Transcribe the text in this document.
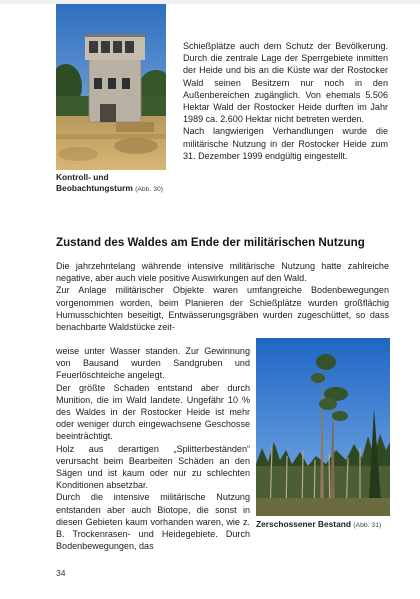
Kontroll- und Beobachtungsturm (Abb. 30)

Schießplätze auch dem Schutz der Bevölkerung. Durch die zentrale Lage der Sperrgebiete inmitten der Heide und bis an die Küste war der Rostocker Wald seinen Besitzern nur noch in den Außenbereichen zugänglich. Von ehemals 5.506 Hektar Wald der Rostocker Heide durften im Jahr 1989 ca. 2.600 Hektar nicht betreten werden.

Nach langwierigen Verhandlungen wurde die militärische Nutzung in der Rostocker Heide zum 31. Dezember 1999 endgültig eingestellt.

Zustand des Waldes am Ende der militärischen Nutzung

Die jahrzehntelang währende intensive militärische Nutzung hatte zahlreiche negative, aber auch viele positive Auswirkungen auf den Wald.

Zur Anlage militärischer Objekte waren umfangreiche Bodenbewegungen vorgenommen worden, beim Planieren der Schießplätze wurden großflächig Humusschichten beseitigt, Entwässerungsgräben wurden zugeschüttet, so dass benachbarte Waldstücke zeit-

weise unter Wasser standen. Zur Gewinnung von Bausand wurden Sandgruben und Feuerlöschteiche angelegt.

Der größte Schaden entstand aber durch Munition, die im Wald landete. Ungefähr 10 % des Waldes in der Rostocker Heide ist mehr oder weniger durch eingewachsene Geschosse beeinträchtigt.

Holz aus derartigen „Splitterbeständen“ verursacht beim Bearbeiten Schäden an den Sägen und ist kaum oder nur zu schlechten Konditionen absetzbar.

Durch die intensive militärische Nutzung entstanden aber auch Biotope, die sonst in diesen Gebieten kaum vorhanden waren, wie z. B. Trockenrasen- und Heidegebiete. Durch Bodenbewegungen, das

Zerschossener Bestand (Abb. 31)
34
